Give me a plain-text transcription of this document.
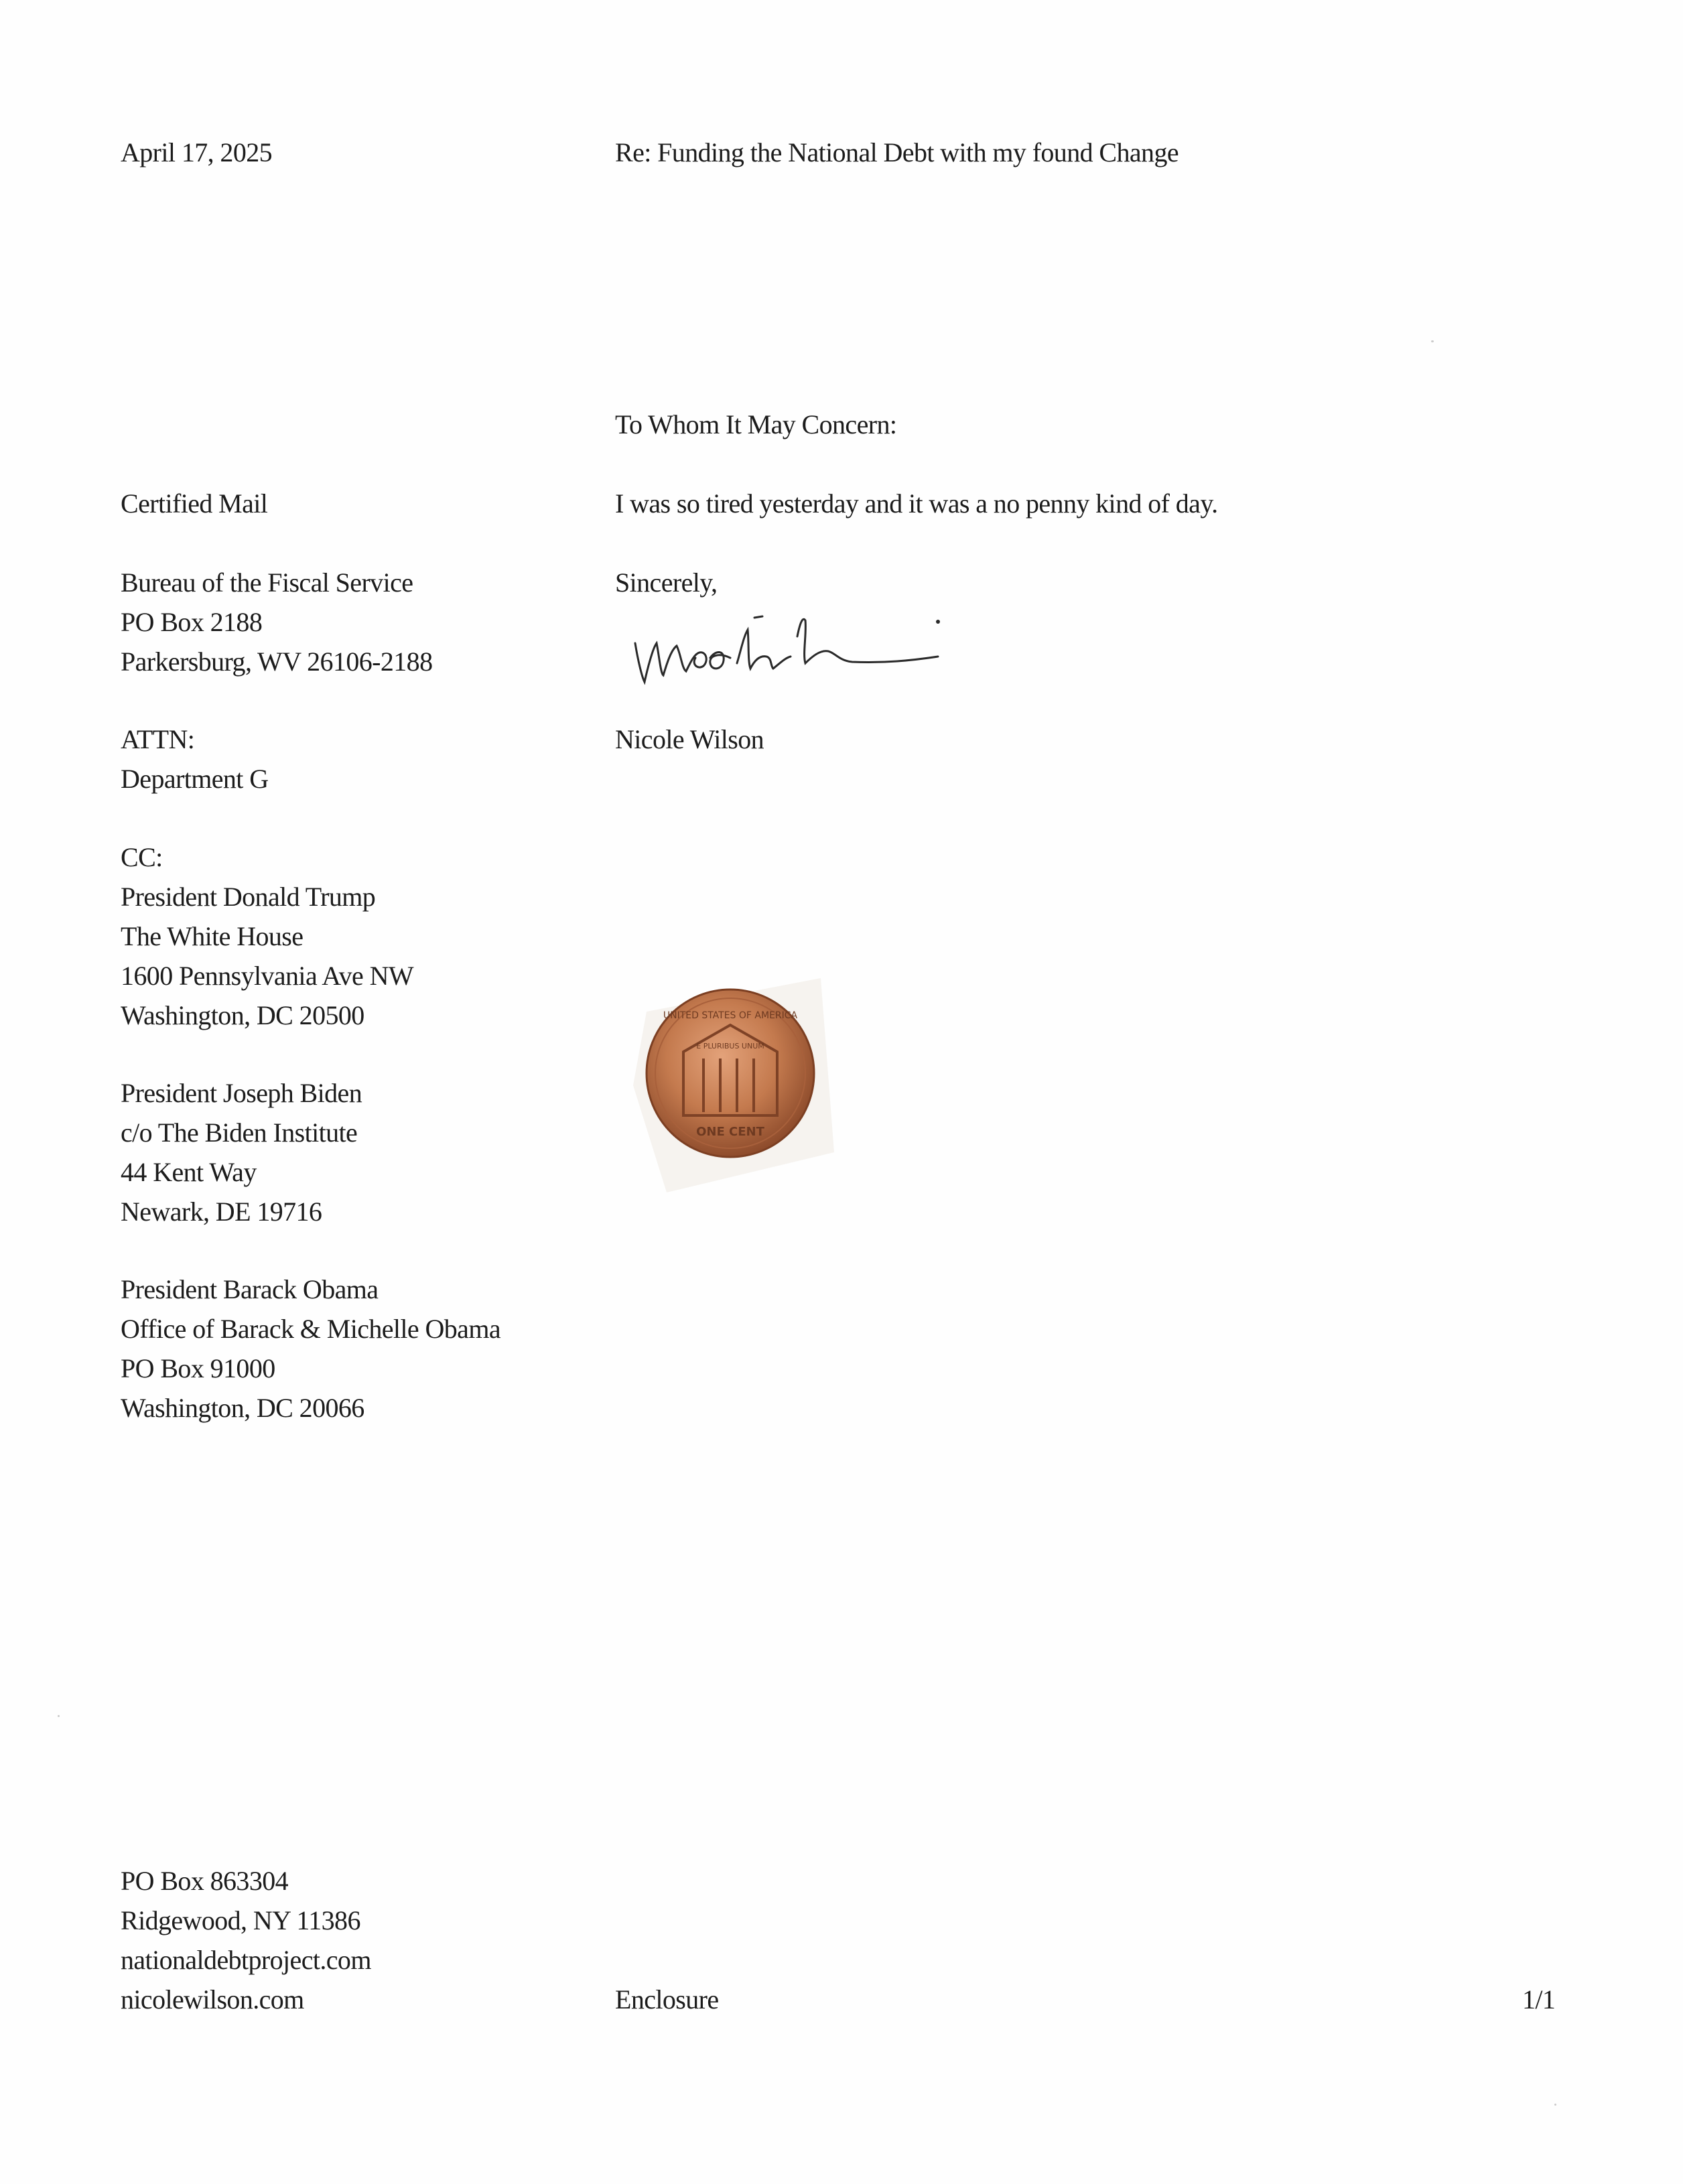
April 17, 2025	Re: Funding the National Debt with my found Change
To Whom It May Concern:
I was so tired yesterday and it was a no penny kind of day.
Sincerely,
Nicole Wilson
Certified Mail
Bureau of the Fiscal Service
PO Box 2188
Parkersburg, WV 26106-2188
ATTN:
Department G
CC:
President Donald Trump
The White House
1600 Pennsylvania Ave NW
Washington, DC 20500
President Joseph Biden
c/o The Biden Institute
44 Kent Way
Newark, DE 19716
President Barack Obama
Office of Barack & Michelle Obama
PO Box 91000
Washington, DC 20066
UNITED STATES OF AMERICA
ONE CENT
E PLURIBUS UNUM
PO Box 863304
Ridgewood, NY 11386
nationaldebtproject.com
nicolewilson.com	Enclosure	1/1
